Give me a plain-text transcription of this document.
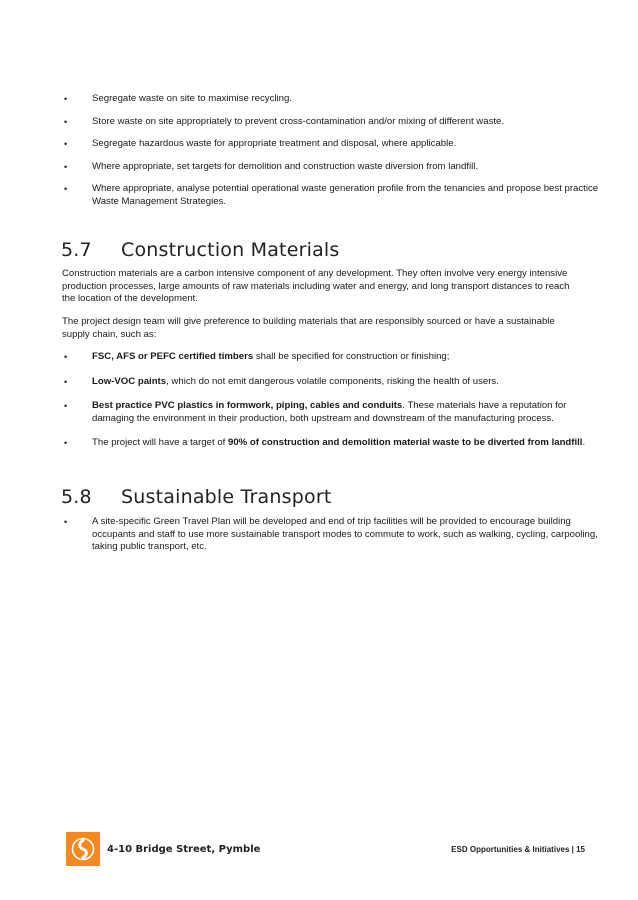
•	Segregate waste on site to maximise recycling.
•	Store waste on site appropriately to prevent cross-contamination and/or mixing of different waste.
•	Segregate hazardous waste for appropriate treatment and disposal, where applicable.
•	Where appropriate, set targets for demolition and construction waste diversion from landfill.
•	Where appropriate, analyse potential operational waste generation profile from the tenancies and propose best practice Waste Management Strategies.
5.7 Construction Materials

Construction materials are a carbon intensive component of any development. They often involve very energy intensive production processes, large amounts of raw materials including water and energy, and long transport distances to reach the location of the development.

The project design team will give preference to building materials that are responsibly sourced or have a sustainable supply chain, such as:

•	FSC, AFS or PEFC certified timbers shall be specified for construction or finishing;
•	Low-VOC paints, which do not emit dangerous volatile components, risking the health of users.
•	Best practice PVC plastics in formwork, piping, cables and conduits. These materials have a reputation for damaging the environment in their production, both upstream and downstream of the manufacturing process.
•	The project will have a target of 90% of construction and demolition material waste to be diverted from landfill.
5.8 Sustainable Transport
•	A site-specific Green Travel Plan will be developed and end of trip facilities will be provided to encourage building occupants and staff to use more sustainable transport modes to commute to work, such as walking, cycling, carpooling, taking public transport, etc.
4-10 Bridge Street, Pymble	ESD Opportunities & Initiatives | 15
